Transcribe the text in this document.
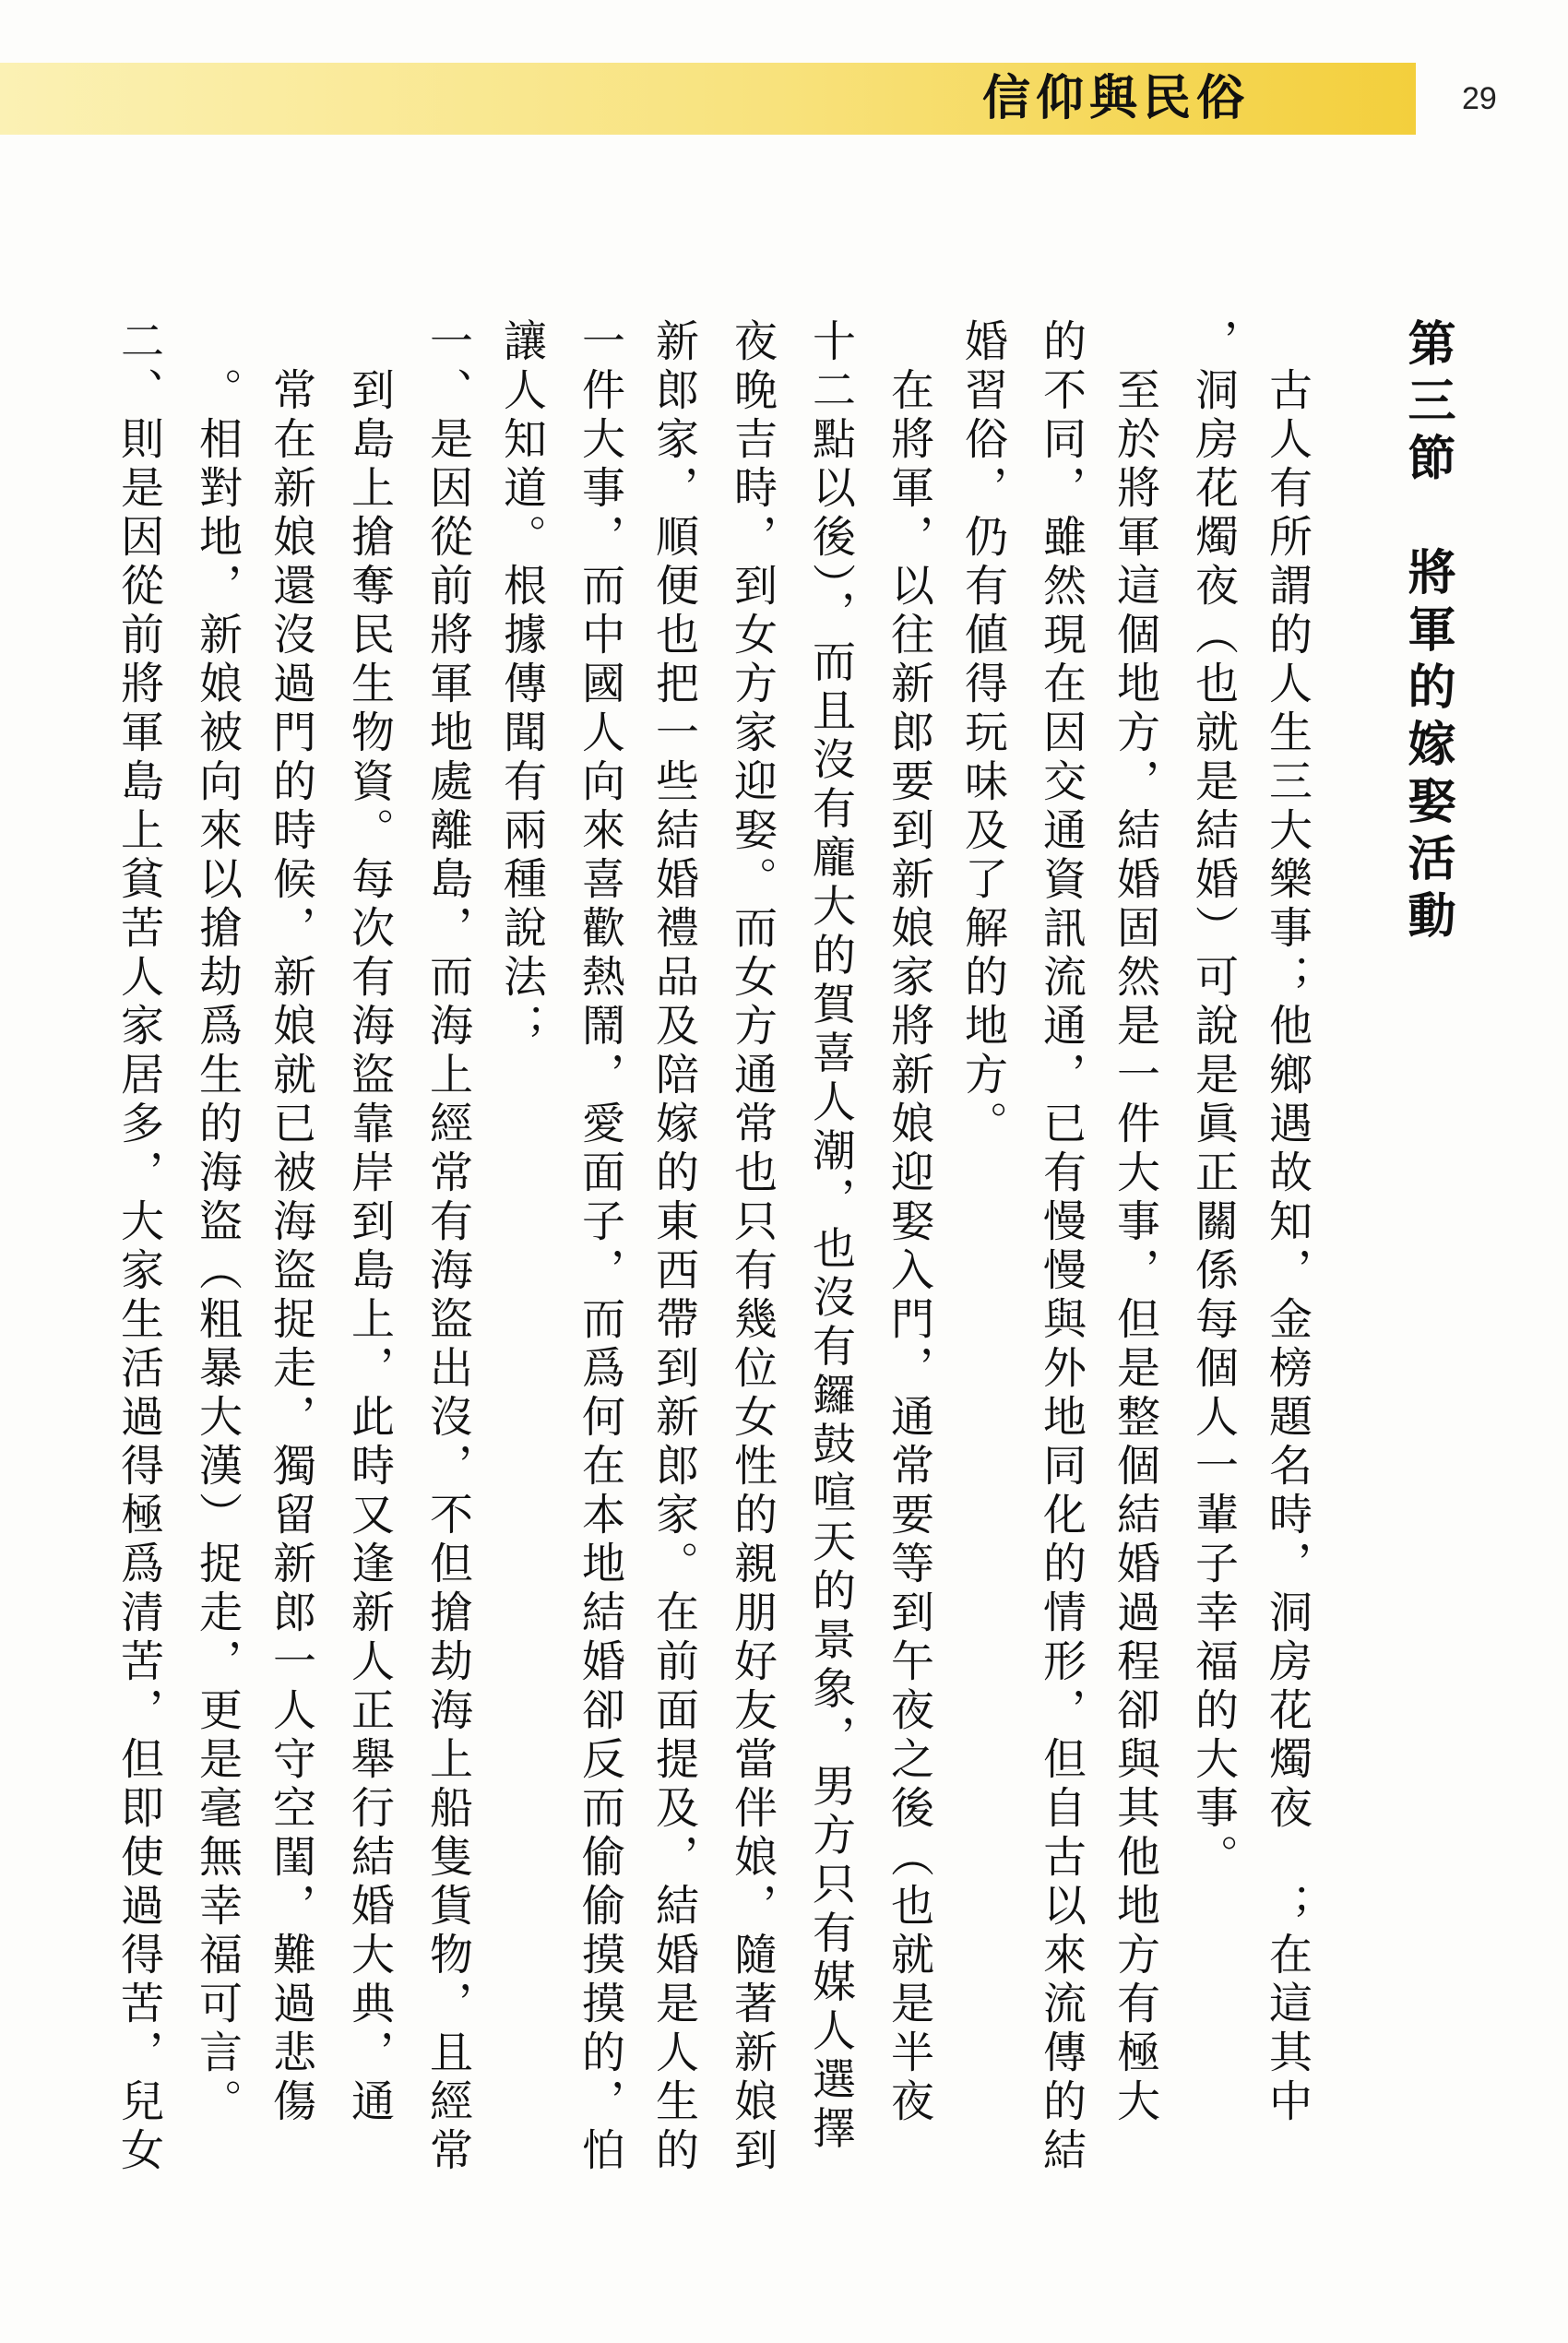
信仰與民俗	29
第三節　將軍的嫁娶活動
　古人有所謂的人生三大樂事；他鄉遇故知，金榜題名時，洞房花燭夜　；在這其中
，洞房花燭夜（也就是結婚）可說是眞正關係每個人一輩子幸福的大事。
　至於將軍這個地方，結婚固然是一件大事，但是整個結婚過程卻與其他地方有極大
的不同，雖然現在因交通資訊流通，已有慢慢與外地同化的情形，但自古以來流傳的結
婚習俗，仍有値得玩味及了解的地方。
　在將軍，以往新郎要到新娘家將新娘迎娶入門，通常要等到午夜之後（也就是半夜
十二點以後），而且沒有龐大的賀喜人潮，也沒有鑼鼓喧天的景象，男方只有媒人選擇
夜晚吉時，到女方家迎娶。而女方通常也只有幾位女性的親朋好友當伴娘，隨著新娘到
新郎家，順便也把一些結婚禮品及陪嫁的東西帶到新郎家。在前面提及，結婚是人生的
一件大事，而中國人向來喜歡熱鬧，愛面子，而爲何在本地結婚卻反而偷偷摸摸的，怕
讓人知道。根據傳聞有兩種說法；
一、是因從前將軍地處離島，而海上經常有海盜出沒，不但搶劫海上船隻貨物，且經常
　到島上搶奪民生物資。每次有海盜靠岸到島上，此時又逢新人正舉行結婚大典，通
　常在新娘還沒過門的時候，新娘就已被海盜捉走，獨留新郎一人守空閨，難過悲傷
　。相對地，新娘被向來以搶劫爲生的海盜（粗暴大漢）捉走，更是毫無幸福可言。
二、則是因從前將軍島上貧苦人家居多，大家生活過得極爲清苦，但即使過得苦，兒女
